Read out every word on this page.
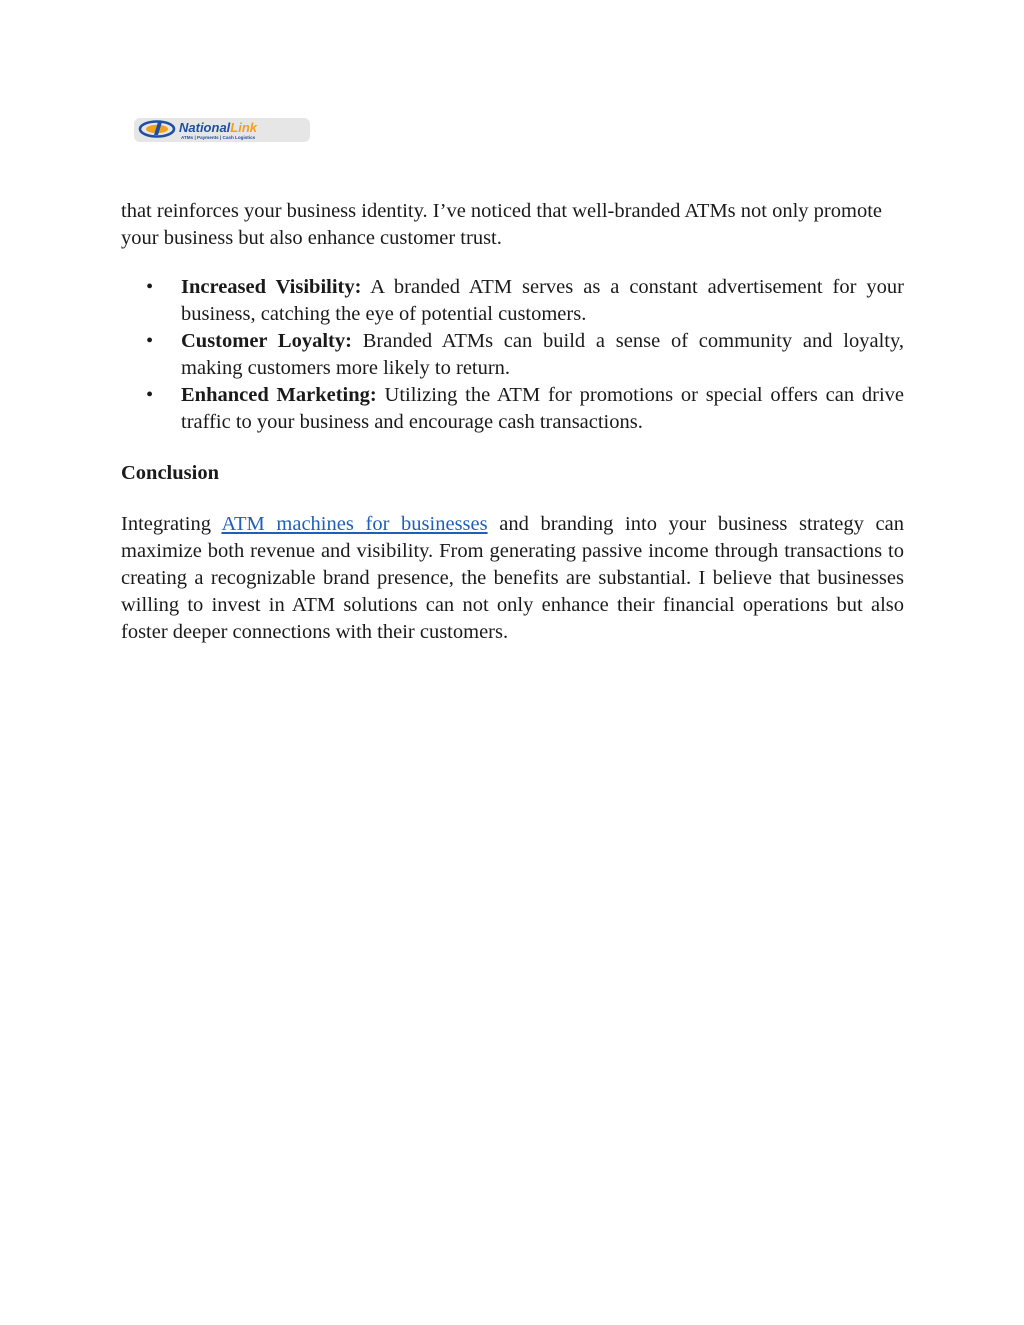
NationalLink
ATMs | Payments | Cash Logistics

that reinforces your business identity. I’ve noticed that well-branded ATMs not only promote your business but also enhance customer trust.

• Increased Visibility: A branded ATM serves as a constant advertisement for your business, catching the eye of potential customers.
• Customer Loyalty: Branded ATMs can build a sense of community and loyalty, making customers more likely to return.
• Enhanced Marketing: Utilizing the ATM for promotions or special offers can drive traffic to your business and encourage cash transactions.
Conclusion

Integrating ATM machines for businesses and branding into your business strategy can maximize both revenue and visibility. From generating passive income through transactions to creating a recognizable brand presence, the benefits are substantial. I believe that businesses willing to invest in ATM solutions can not only enhance their financial operations but also foster deeper connections with their customers.
